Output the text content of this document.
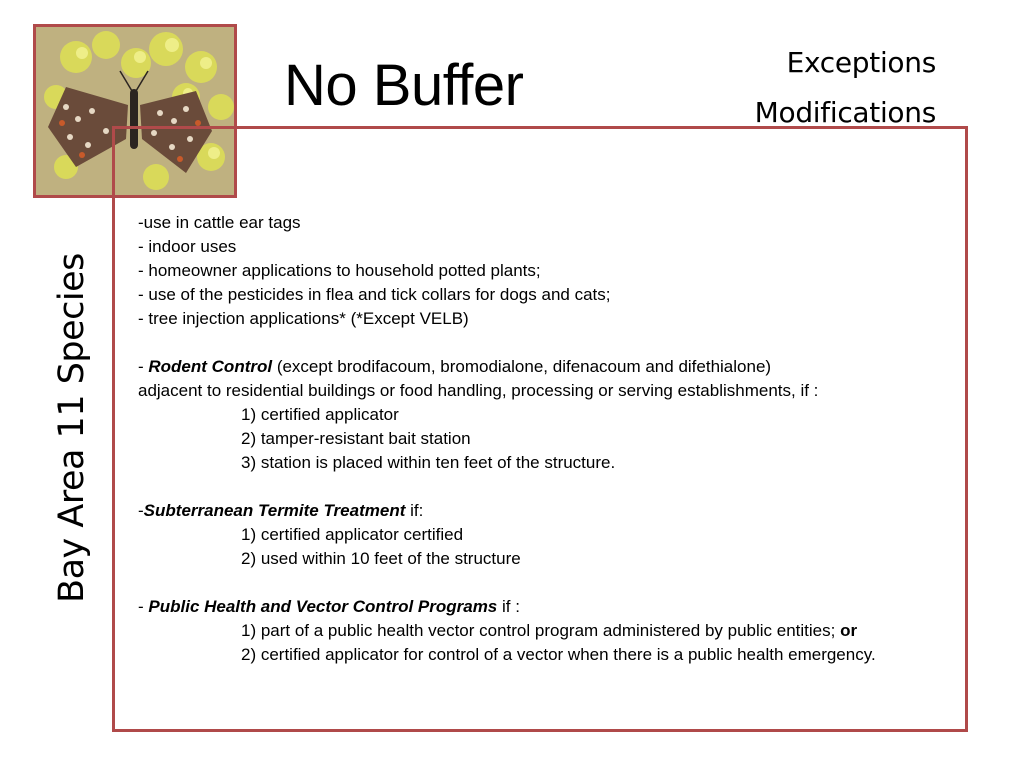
No Buffer	Exceptions
Modifications
Bay Area 11 Species
-use in cattle ear tags
- indoor uses
- homeowner applications to household potted plants;
- use of the pesticides in flea and tick collars for dogs and cats;
- tree injection applications* (*Except VELB)
- Rodent Control (except brodifacoum, bromodialone, difenacoum and difethialone)
adjacent to residential buildings or food handling, processing or serving establishments, if :
1) certified applicator
2) tamper-resistant bait station
3) station is placed within ten feet of the structure.
-Subterranean Termite Treatment if:
1) certified applicator certified
2) used within 10 feet of the structure
- Public Health and Vector Control Programs if :
1) part of a public health vector control program administered by public entities; or
2) certified applicator for control of a vector when there is a public health emergency.
